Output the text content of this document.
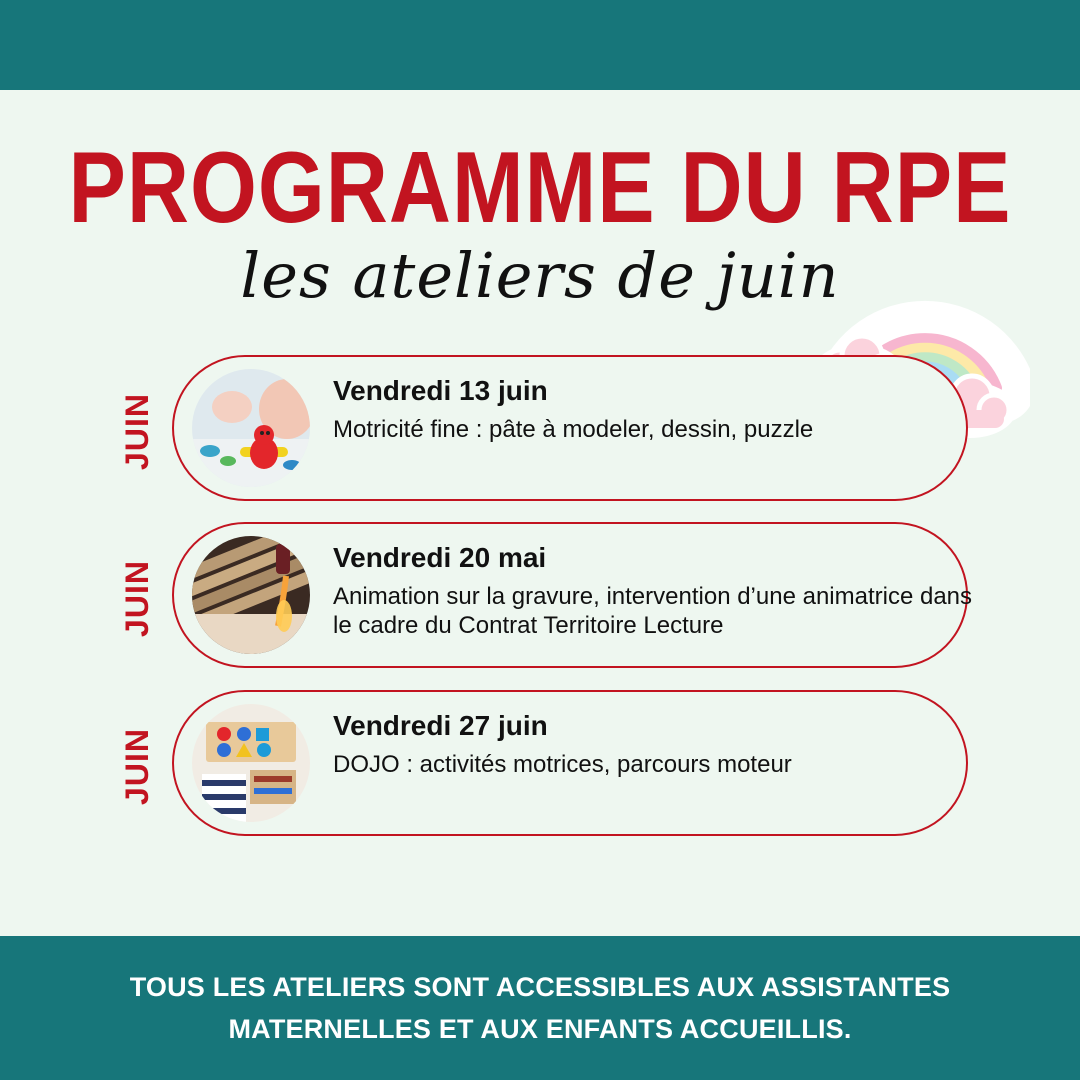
PROGRAMME DU RPE
les ateliers de juin
JUIN
Vendredi 13 juin
Motricité fine : pâte à modeler, dessin, puzzle
JUIN
Vendredi 20 mai
Animation sur la gravure, intervention d’une animatrice dans le cadre du Contrat Territoire Lecture
JUIN
Vendredi 27 juin
DOJO : activités motrices, parcours moteur
TOUS LES ATELIERS SONT ACCESSIBLES AUX ASSISTANTES
MATERNELLES ET AUX ENFANTS ACCUEILLIS.
